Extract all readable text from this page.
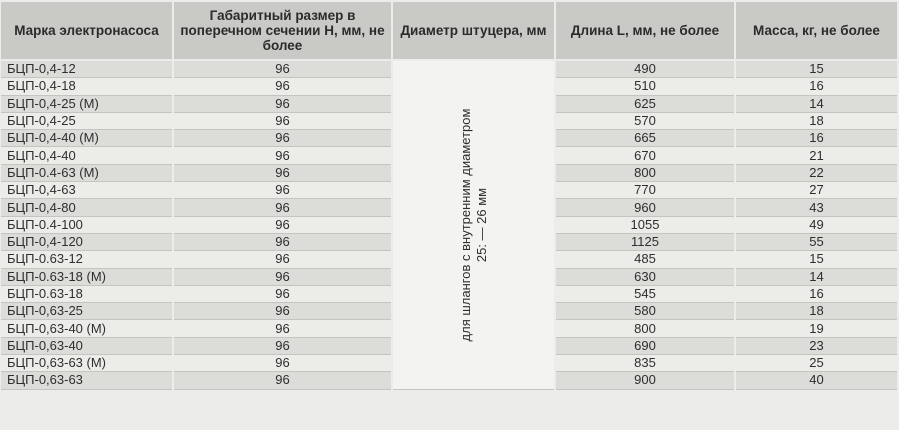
Марка электронасоса	Габаритный размер в поперечном сечении Н, мм, не более	Диаметр штуцера, мм	Длина L, мм, не более	Масса, кг, не более
БЦП-0,4-12	96	для шлангов с внутренним диаметром 25: — 26 мм	490	15
БЦП-0,4-18	96		510	16
БЦП-0,4-25 (М)	96		625	14
БЦП-0,4-25	96		570	18
БЦП-0,4-40 (М)	96		665	16
БЦП-0,4-40	96		670	21
БЦП-0.4-63 (М)	96		800	22
БЦП-0,4-63	96		770	27
БЦП-0,4-80	96		960	43
БЦП-0.4-100	96		1055	49
БЦП-0,4-120	96		1125	55
БЦП-0.63-12	96		485	15
БЦП-0.63-18 (М)	96		630	14
БЦП-0.63-18	96		545	16
БЦП-0,63-25	96		580	18
БЦП-0,63-40 (М)	96		800	19
БЦП-0,63-40	96		690	23
БЦП-0,63-63 (М)	96		835	25
БЦП-0,63-63	96		900	40
